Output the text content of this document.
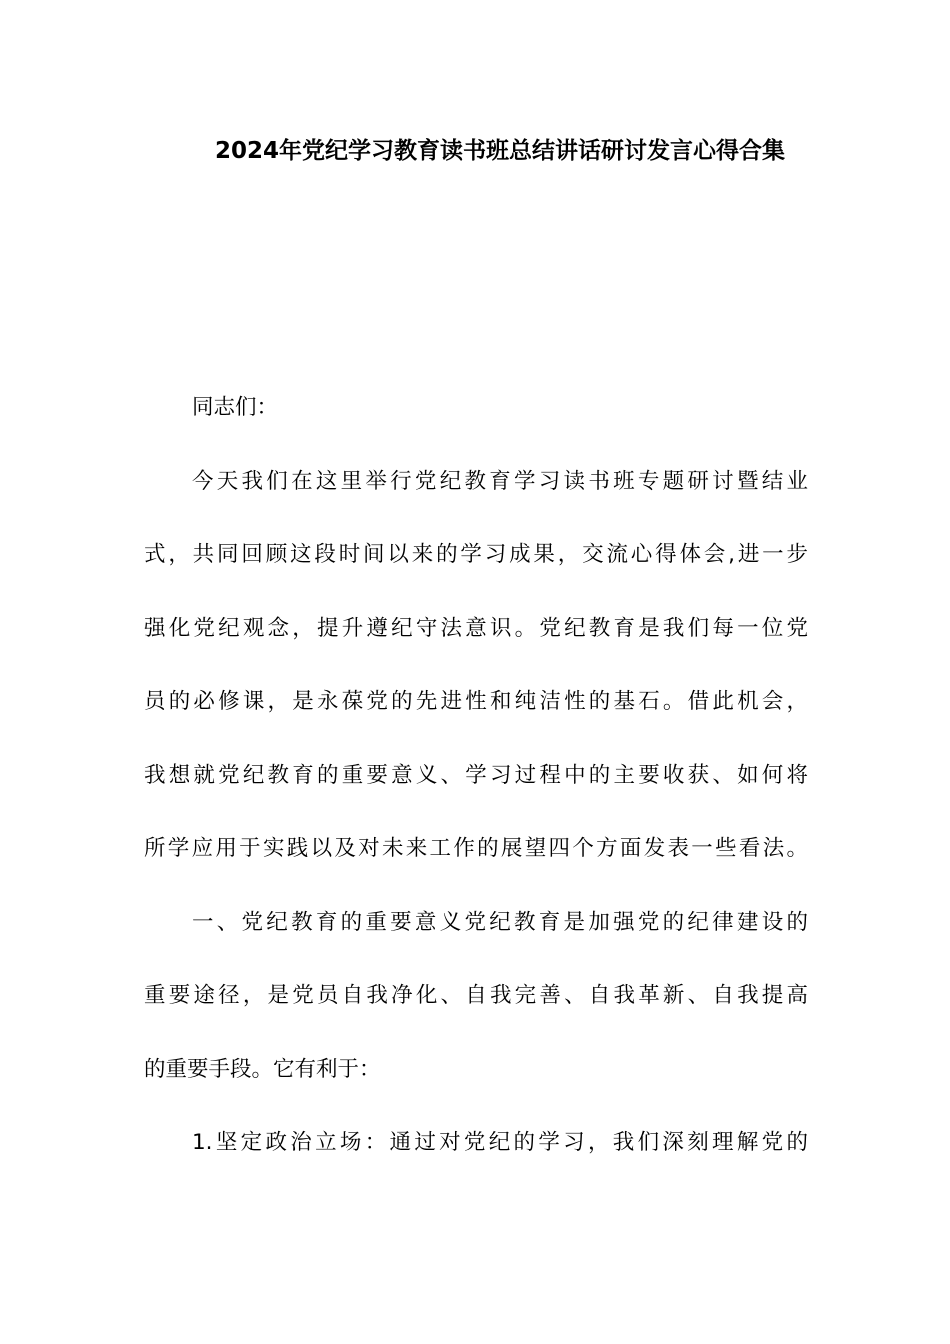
2024年党纪学习教育读书班总结讲话研讨发言心得合集

同志们：

今天我们在这里举行党纪教育学习读书班专题研讨暨结业

式，共同回顾这段时间以来的学习成果，交流心得体会,进一步

强化党纪观念，提升遵纪守法意识。党纪教育是我们每一位党

员的必修课，是永葆党的先进性和纯洁性的基石。借此机会，

我想就党纪教育的重要意义、学习过程中的主要收获、如何将

所学应用于实践以及对未来工作的展望四个方面发表一些看法。

一、党纪教育的重要意义党纪教育是加强党的纪律建设的

重要途径，是党员自我净化、自我完善、自我革新、自我提高

的重要手段。它有利于：

1.坚定政治立场：通过对党纪的学习，我们深刻理解党的
